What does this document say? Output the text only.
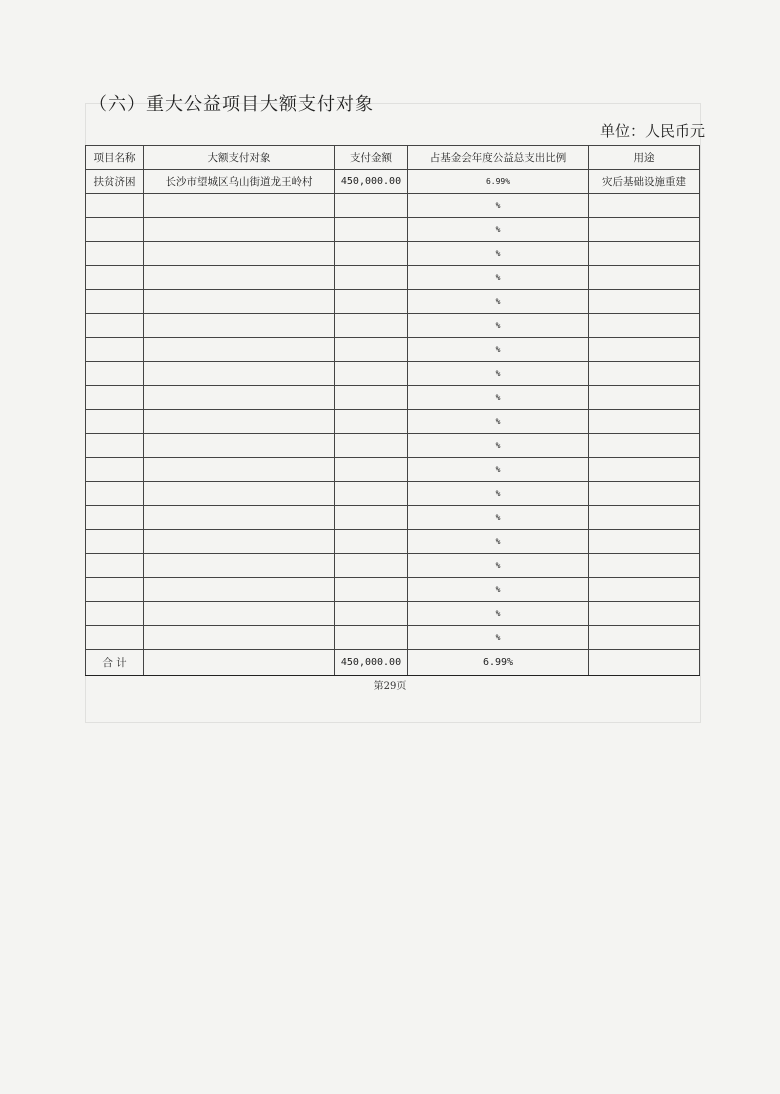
（六）重大公益项目大额支付对象
单位：人民币元
项目名称	大额支付对象	支付金额	占基金会年度公益总支出比例	用途
扶贫济困	长沙市望城区乌山街道龙王岭村	450,000.00	6.99%	灾后基础设施重建
			%	
			%	
			%	
			%	
			%	
			%	
			%	
			%	
			%	
			%	
			%	
			%	
			%	
			%	
			%	
			%	
			%	
			%	
			%	
合 计		450,000.00	6.99%	
第29页
